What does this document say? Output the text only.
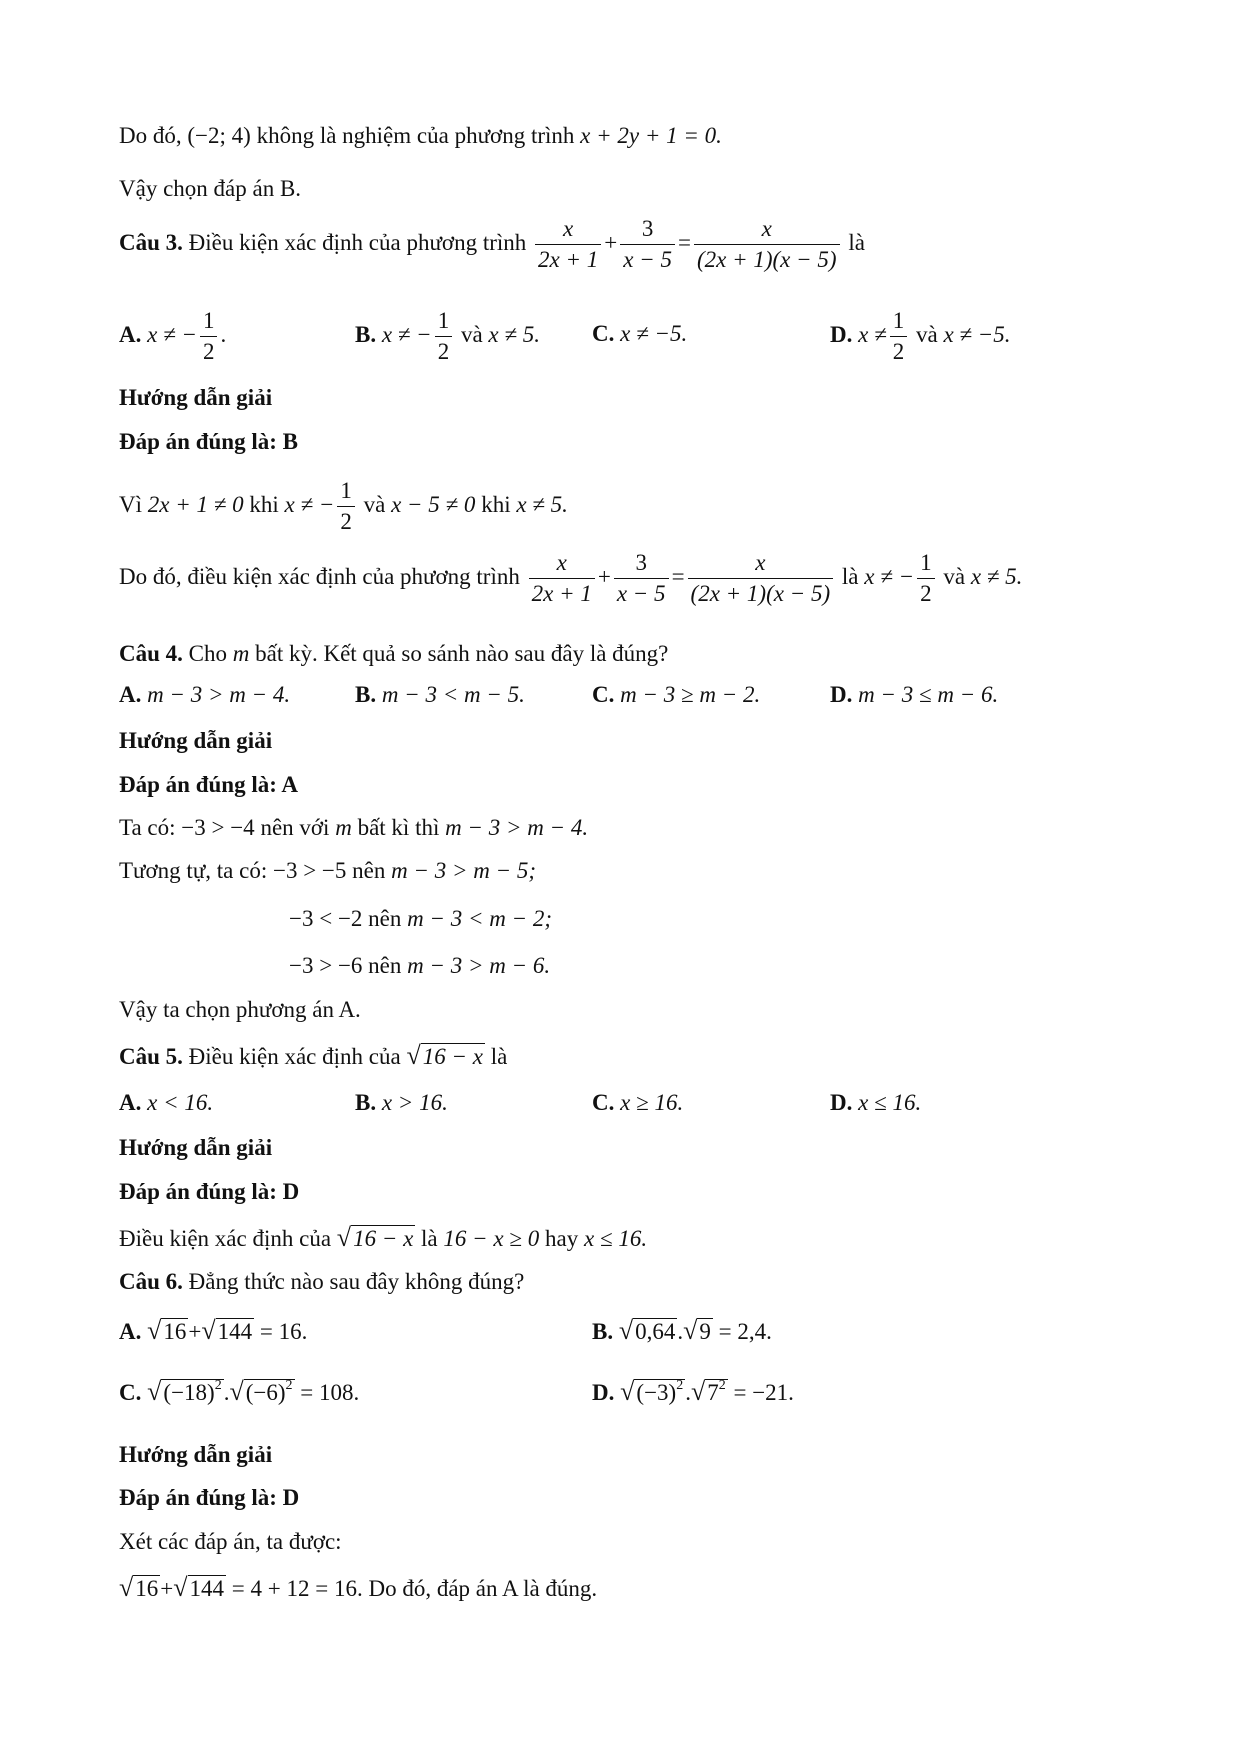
Do đó, (−2; 4) không là nghiệm của phương trình x + 2y + 1 = 0.
Vậy chọn đáp án B.
Câu 3. Điều kiện xác định của phương trình $\frac{x}{2x + 1} + \frac{3}{x - 5} = \frac{x}{(2x + 1)(x - 5)}$ là
A. x ≠ − $\frac{1}{2}$ .	B. x ≠ − $\frac{1}{2}$ và x ≠ 5. C. x ≠ −5.	D. $x \ne \frac{1}{2}$ và x ≠ −5.
Hướng dẫn giải
Đáp án đúng là: B
Vì 2x + 1 ≠ 0 khi x ≠ − $\frac{1}{2}$ và x − 5 ≠ 0 khi x ≠ 5.
Do đó, điều kiện xác định của phương trình $\frac{x}{2x + 1} + \frac{3}{x - 5} = \frac{x}{(2x + 1)(x - 5)}$ là x ≠ − $\frac{1}{2}$ và x ≠ 5.
Câu 4. Cho m bất kỳ. Kết quả so sánh nào sau đây là đúng?
A. m − 3 > m − 4.	B. m − 3 < m − 5.	C. m − 3 ≥ m − 2.	D. m − 3 ≤ m − 6.
Hướng dẫn giải
Đáp án đúng là: A
Ta có: −3 > −4 nên với m bất kì thì m − 3 > m − 4.
Tương tự, ta có: −3 > −5 nên m − 3 > m − 5;
−3 < −2 nên m − 3 < m − 2;
−3 > −6 nên m − 3 > m − 6.
Vậy ta chọn phương án A.
Câu 5. Điều kiện xác định của √16 − x là
A. x < 16.	B. x > 16.	C. x ≥ 16.	D. x ≤ 16.
Hướng dẫn giải
Đáp án đúng là: D
Điều kiện xác định của √16 − x là 16 − x ≥ 0 hay x ≤ 16.
Câu 6. Đẳng thức nào sau đây không đúng?
A. √16+√144 = 16.	B. √0,64.√9 = 2,4.
C. $√(-18)^2.√(-6)^2 = 108$.	D. $√(-3)^2.√7^2 = -21$.
Hướng dẫn giải
Đáp án đúng là: D
Xét các đáp án, ta được:
√16+√144 = 4 + 12 = 16. Do đó, đáp án A là đúng.
